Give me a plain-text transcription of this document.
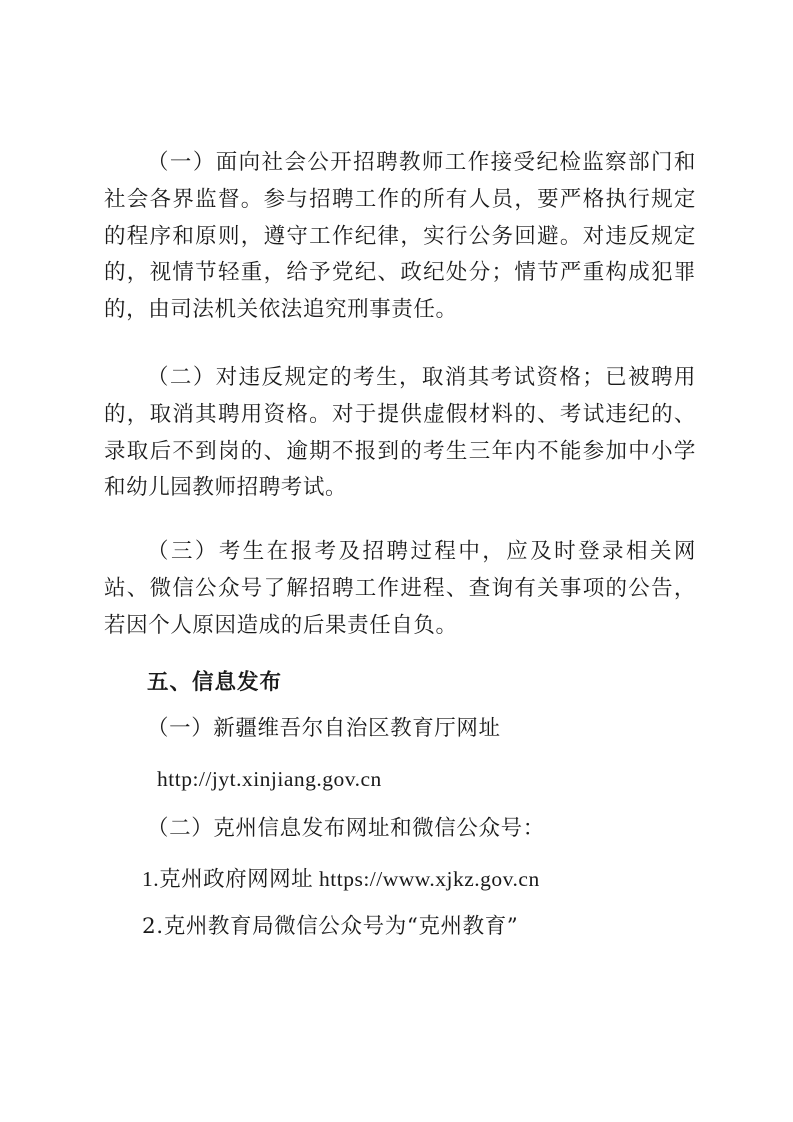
（一）面向社会公开招聘教师工作接受纪检监察部门和社会各界监督。参与招聘工作的所有人员，要严格执行规定的程序和原则，遵守工作纪律，实行公务回避。对违反规定的，视情节轻重，给予党纪、政纪处分；情节严重构成犯罪的，由司法机关依法追究刑事责任。

（二）对违反规定的考生，取消其考试资格；已被聘用的，取消其聘用资格。对于提供虚假材料的、考试违纪的、录取后不到岗的、逾期不报到的考生三年内不能参加中小学和幼儿园教师招聘考试。

（三）考生在报考及招聘过程中，应及时登录相关网站、微信公众号了解招聘工作进程、查询有关事项的公告，若因个人原因造成的后果责任自负。

五、信息发布
（一）新疆维吾尔自治区教育厅网址
http://jyt.xinjiang.gov.cn
（二）克州信息发布网址和微信公众号：
1.克州政府网网址 https://www.xjkz.gov.cn
2.克州教育局微信公众号为“克州教育”
